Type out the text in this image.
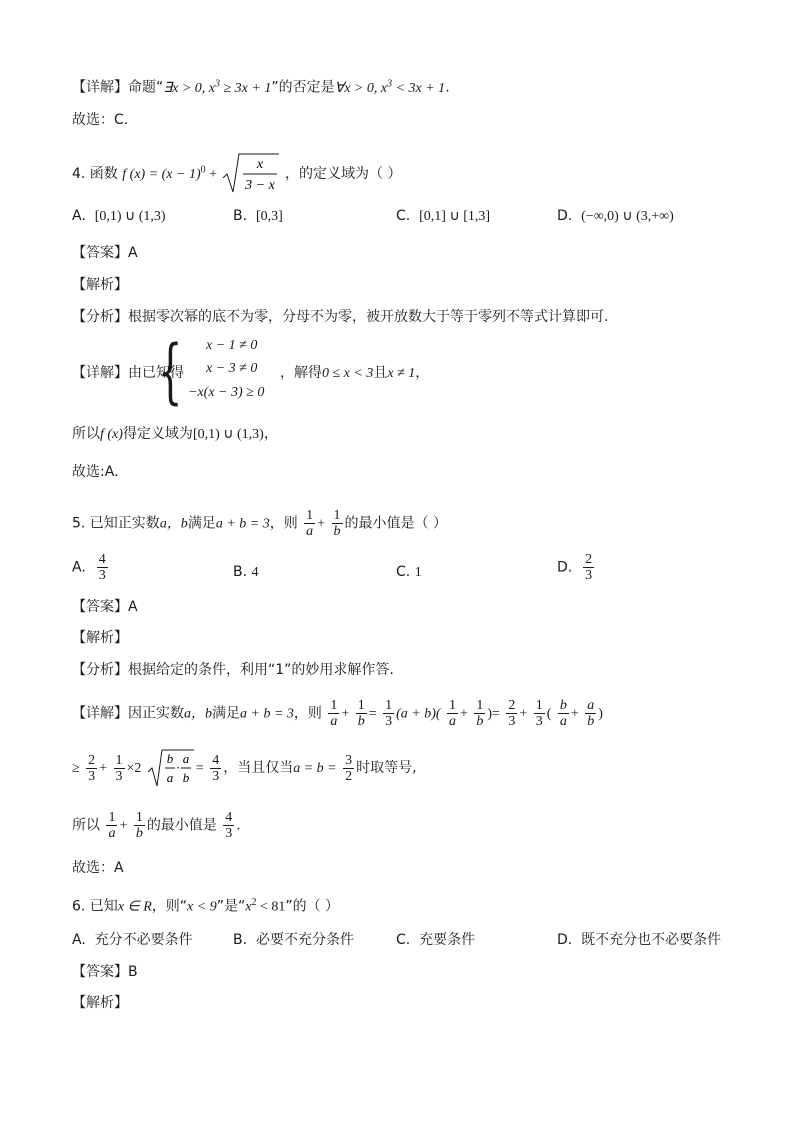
【详解】命题“∃x > 0, $x^3 \ge 3x + 1$”的否定是∀x > 0, $x^3 < 3x + 1$.
故选：C.
4. 函数 f $(x) = (x - 1)^0$ +
x
3 − x
，的定义域为（ ）
A. [0,1) ∪ (1,3)	B. [0,3]	C. [0,1] ∪ [1,3]	D. (−∞,0) ∪ (3,+∞)
【答案】A
【解析】
【分析】根据零次幂的底不为零，分母不为零，被开放数大于等于零列不等式计算即可.
【详解】由已知得
{ x − 1 ≠ 0
x − 3 ≠ 0
−x(x − 3) ≥ 0
，解得0 ≤ x < 3且x ≠ 1，
所以f (x)得定义域为[0,1) ∪ (1,3)，
故选:A．
5. 已知正实数a，b满足a + b = 3，则 $\frac{1}{a} + \frac{1}{b}$ 的最小值是（ ）
A. $\frac{4}{3}$	B. 4	C. 1	D. $\frac{2}{3}$
【答案】A
【解析】
【分析】根据给定的条件，利用“1”的妙用求解作答.
【详解】因正实数a，b满足a + b = 3，则 $\frac{1}{a} + \frac{1}{b} = \frac{1}{3} (a + b)( \frac{1}{a} + \frac{1}{b}$ )= $\frac{2}{3} + \frac{1}{3}$ ( $\frac{b}{a} + \frac{a}{b}$ )
≥ $\frac{2}{3} + \frac{1}{3} \times 2$
b
a
·
a
b
= $\frac{4}{3}$ ，当且仅当$a = b = \frac{3}{2}$ 时取等号,
所以 $\frac{1}{a} + \frac{1}{b}$ 的最小值是 $\frac{4}{3}$ .
故选：A
6. 已知x ∈ R，则“x < 9”是“$x^2 < 81$”的（ ）
A. 充分不必要条件	B. 必要不充分条件	C. 充要条件	D. 既不充分也不必要条件
【答案】B
【解析】
